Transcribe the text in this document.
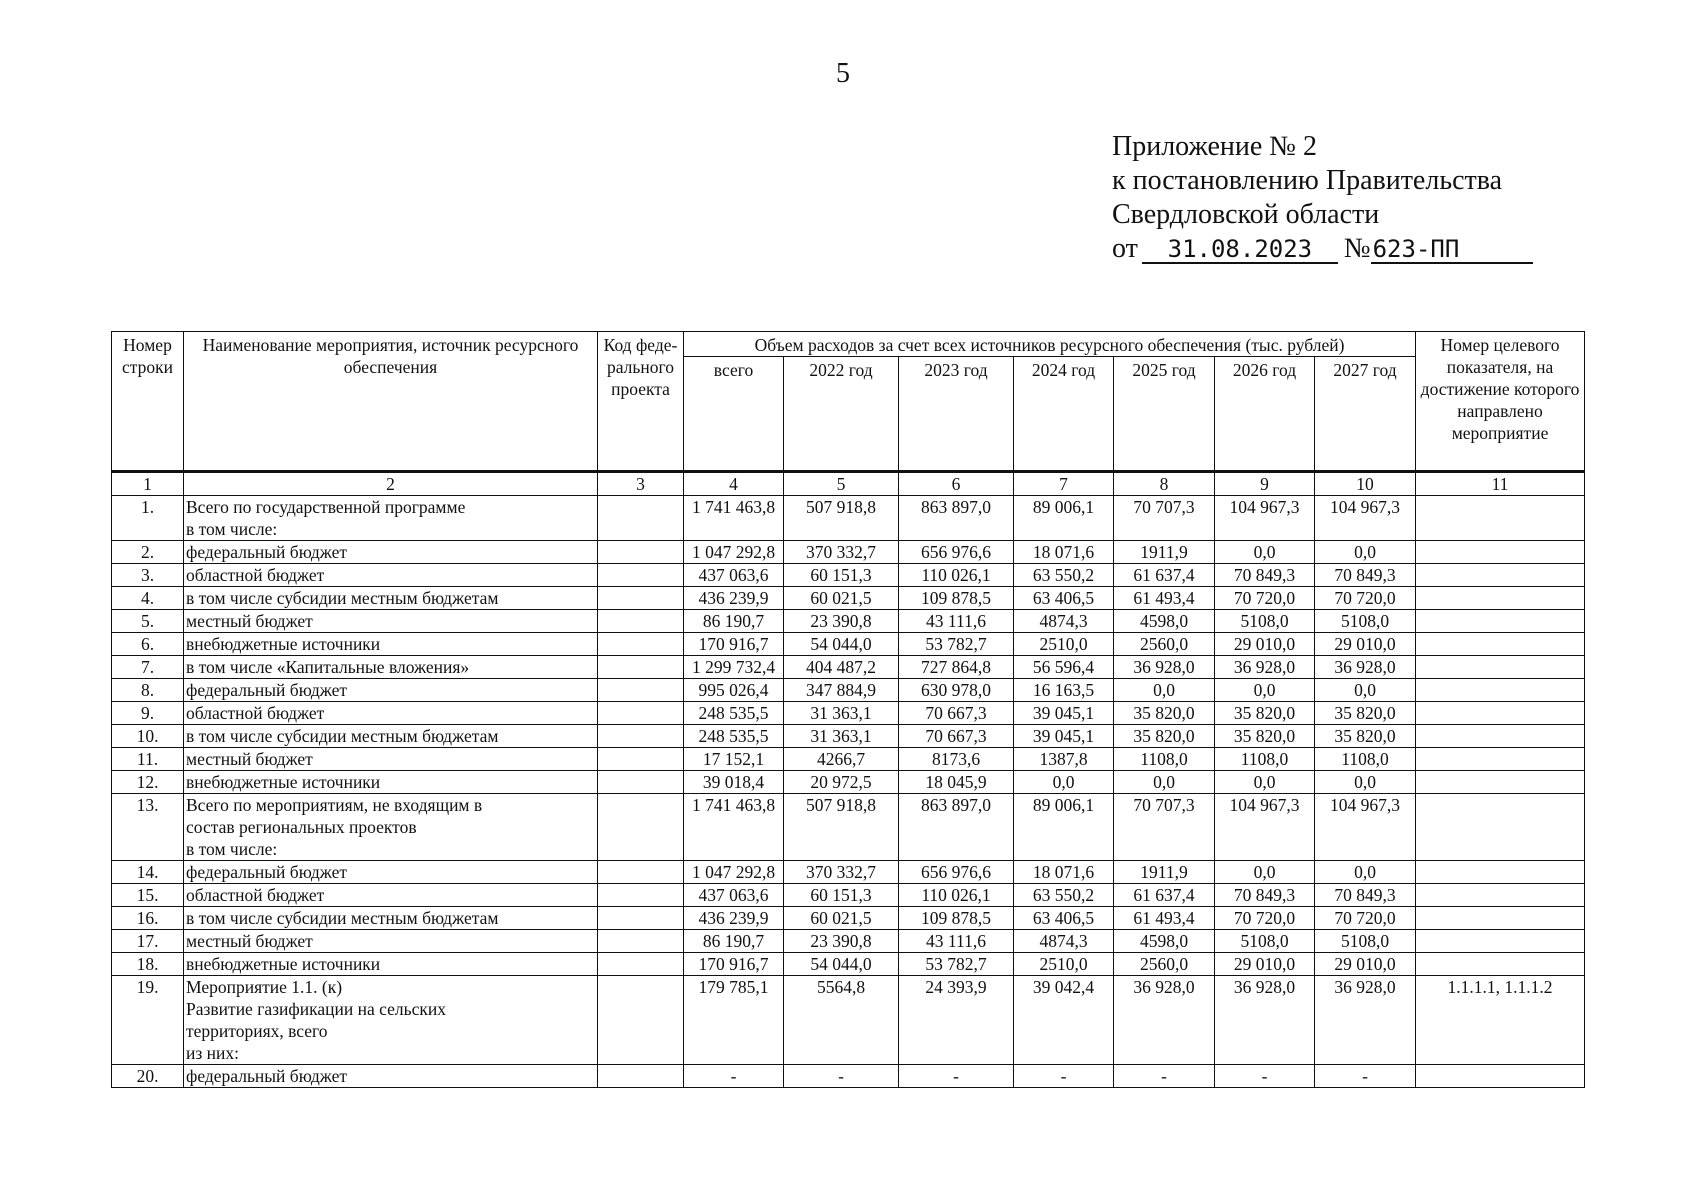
5
Приложение № 2
к постановлению Правительства
Свердловской области
от 31.08.2023 №623-ПП
Номер строки	Наименование мероприятия, источник ресурсного обеспечения	Код феде-рального проекта	Объем расходов за счет всех источников ресурсного обеспечения (тыс. рублей)							Номер целевого показателя, на достижение которого направлено мероприятие
			всего	2022 год	2023 год	2024 год	2025 год	2026 год	2027 год	
1	2	3	4	5	6	7	8	9	10	11
1.	Всего по государственной программе
в том числе:		1 741 463,8	507 918,8	863 897,0	89 006,1	70 707,3	104 967,3	104 967,3	
2.	федеральный бюджет		1 047 292,8	370 332,7	656 976,6	18 071,6	1911,9	0,0	0,0	
3.	областной бюджет		437 063,6	60 151,3	110 026,1	63 550,2	61 637,4	70 849,3	70 849,3	
4.	в том числе субсидии местным бюджетам		436 239,9	60 021,5	109 878,5	63 406,5	61 493,4	70 720,0	70 720,0	
5.	местный бюджет		86 190,7	23 390,8	43 111,6	4874,3	4598,0	5108,0	5108,0	
6.	внебюджетные источники		170 916,7	54 044,0	53 782,7	2510,0	2560,0	29 010,0	29 010,0	
7.	в том числе «Капитальные вложения»		1 299 732,4	404 487,2	727 864,8	56 596,4	36 928,0	36 928,0	36 928,0	
8.	федеральный бюджет		995 026,4	347 884,9	630 978,0	16 163,5	0,0	0,0	0,0	
9.	областной бюджет		248 535,5	31 363,1	70 667,3	39 045,1	35 820,0	35 820,0	35 820,0	
10.	в том числе субсидии местным бюджетам		248 535,5	31 363,1	70 667,3	39 045,1	35 820,0	35 820,0	35 820,0	
11.	местный бюджет		17 152,1	4266,7	8173,6	1387,8	1108,0	1108,0	1108,0	
12.	внебюджетные источники		39 018,4	20 972,5	18 045,9	0,0	0,0	0,0	0,0	
13.	Всего по мероприятиям, не входящим в
состав региональных проектов
в том числе:		1 741 463,8	507 918,8	863 897,0	89 006,1	70 707,3	104 967,3	104 967,3	
14.	федеральный бюджет		1 047 292,8	370 332,7	656 976,6	18 071,6	1911,9	0,0	0,0	
15.	областной бюджет		437 063,6	60 151,3	110 026,1	63 550,2	61 637,4	70 849,3	70 849,3	
16.	в том числе субсидии местным бюджетам		436 239,9	60 021,5	109 878,5	63 406,5	61 493,4	70 720,0	70 720,0	
17.	местный бюджет		86 190,7	23 390,8	43 111,6	4874,3	4598,0	5108,0	5108,0	
18.	внебюджетные источники		170 916,7	54 044,0	53 782,7	2510,0	2560,0	29 010,0	29 010,0	
19.	Мероприятие 1.1. (к)
Развитие газификации на сельских
территориях, всего
из них:		179 785,1	5564,8	24 393,9	39 042,4	36 928,0	36 928,0	36 928,0	1.1.1.1, 1.1.1.2
20.	федеральный бюджет		-	-	-	-	-	-	-	
